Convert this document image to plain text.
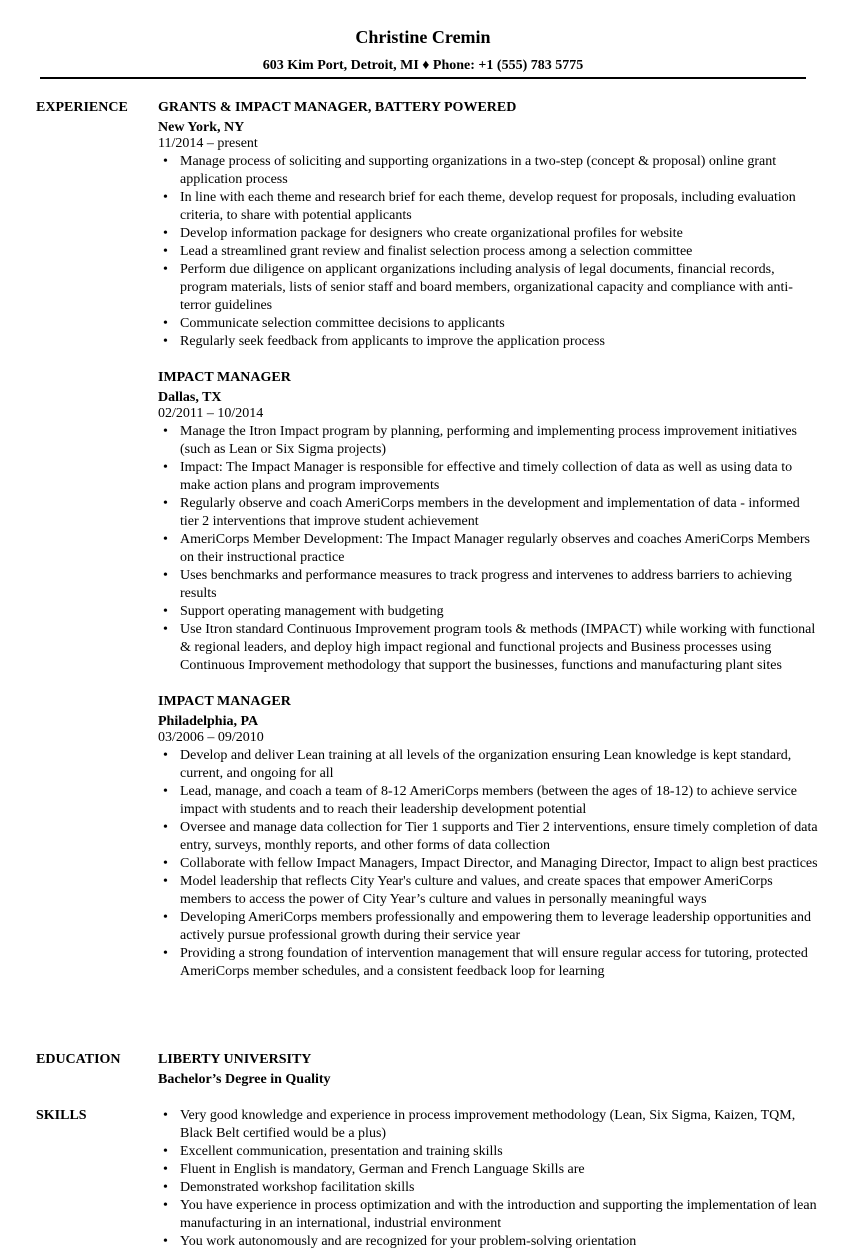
Christine Cremin
603 Kim Port, Detroit, MI ♦ Phone: +1 (555) 783 5775
EXPERIENCE GRANTS & IMPACT MANAGER, BATTERY POWERED
New York, NY
11/2014 – present
• Manage process of soliciting and supporting organizations in a two-step (concept & proposal) online grant application process
• In line with each theme and research brief for each theme, develop request for proposals, including evaluation criteria, to share with potential applicants
• Develop information package for designers who create organizational profiles for website
• Lead a streamlined grant review and finalist selection process among a selection committee
• Perform due diligence on applicant organizations including analysis of legal documents, financial records, program materials, lists of senior staff and board members, organizational capacity and compliance with anti-terror guidelines
• Communicate selection committee decisions to applicants
• Regularly seek feedback from applicants to improve the application process
IMPACT MANAGER
Dallas, TX
02/2011 – 10/2014
• Manage the Itron Impact program by planning, performing and implementing process improvement initiatives (such as Lean or Six Sigma projects)
• Impact: The Impact Manager is responsible for effective and timely collection of data as well as using data to make action plans and program improvements
• Regularly observe and coach AmeriCorps members in the development and implementation of data - informed tier 2 interventions that improve student achievement
• AmeriCorps Member Development: The Impact Manager regularly observes and coaches AmeriCorps Members on their instructional practice
• Uses benchmarks and performance measures to track progress and intervenes to address barriers to achieving results
• Support operating management with budgeting
• Use Itron standard Continuous Improvement program tools & methods (IMPACT) while working with functional & regional leaders, and deploy high impact regional and functional projects and Business processes using Continuous Improvement methodology that support the businesses, functions and manufacturing plant sites
IMPACT MANAGER
Philadelphia, PA
03/2006 – 09/2010
• Develop and deliver Lean training at all levels of the organization ensuring Lean knowledge is kept standard, current, and ongoing for all
• Lead, manage, and coach a team of 8-12 AmeriCorps members (between the ages of 18-12) to achieve service impact with students and to reach their leadership development potential
• Oversee and manage data collection for Tier 1 supports and Tier 2 interventions, ensure timely completion of data entry, surveys, monthly reports, and other forms of data collection
• Collaborate with fellow Impact Managers, Impact Director, and Managing Director, Impact to align best practices
• Model leadership that reflects City Year's culture and values, and create spaces that empower AmeriCorps members to access the power of City Year’s culture and values in personally meaningful ways
• Developing AmeriCorps members professionally and empowering them to leverage leadership opportunities and actively pursue professional growth during their service year
• Providing a strong foundation of intervention management that will ensure regular access for tutoring, protected AmeriCorps member schedules, and a consistent feedback loop for learning
EDUCATION	LIBERTY UNIVERSITY
Bachelor’s Degree in Quality
SKILLS	• Very good knowledge and experience in process improvement methodology (Lean, Six Sigma, Kaizen, TQM, Black Belt certified would be a plus)
• Excellent communication, presentation and training skills
• Fluent in English is mandatory, German and French Language Skills are
• Demonstrated workshop facilitation skills
• You have experience in process optimization and with the introduction and supporting the implementation of lean manufacturing in an international, industrial environment
• You work autonomously and are recognized for your problem-solving orientation
